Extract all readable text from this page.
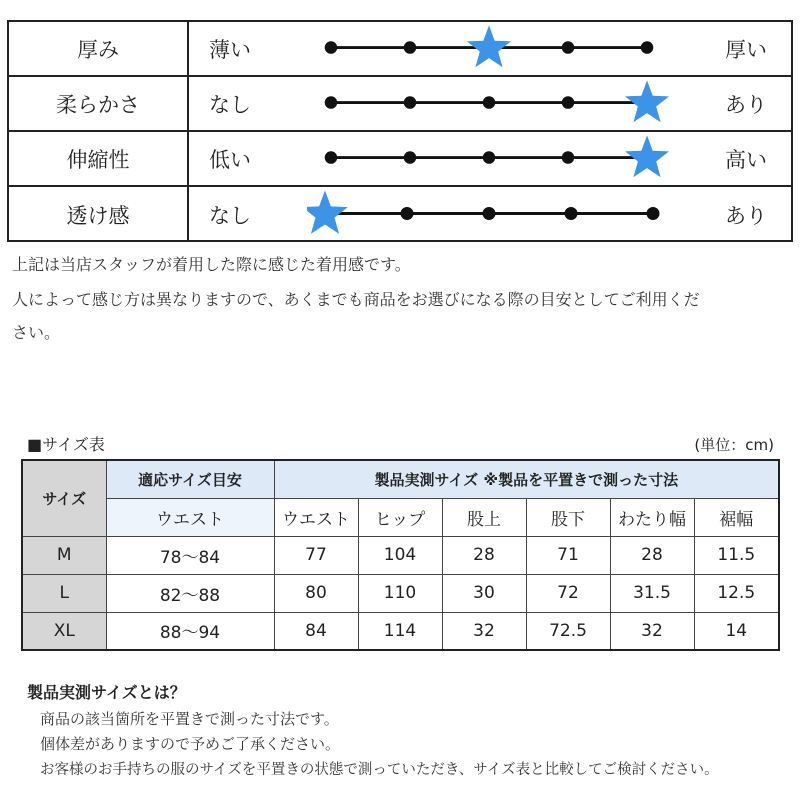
厚み	薄い	厚い
柔らかさ	なし	あり
伸縮性	低い	高い
透け感	なし	あり
上記は当店スタッフが着用した際に感じた着用感です。
人によって感じ方は異なりますので、あくまでも商品をお選びになる際の目安としてご利用ください。
■サイズ表	(単位：cm)
サイズ	適応サイズ目安	製品実測サイズ ※製品を平置きで測った寸法					
	ウエスト	ウエスト	ヒップ	股上	股下	わたり幅	裾幅
M	78〜84	77	104	28	71	28	11.5
L	82〜88	80	110	30	72	31.5	12.5
XL	88〜94	84	114	32	72.5	32	14
製品実測サイズとは？
商品の該当箇所を平置きで測った寸法です。
個体差がありますので予めご了承ください。
お客様のお手持ちの服のサイズを平置きの状態で測っていただき、サイズ表と比較してご検討ください。
